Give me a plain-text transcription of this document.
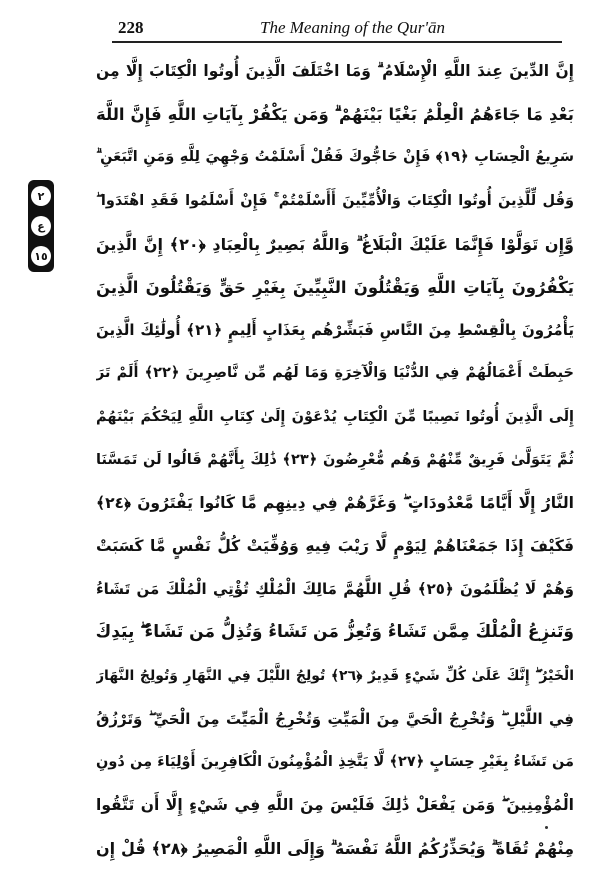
228	The Meaning of the Qur'ān
٢
ع
١٥
إِنَّ الدِّينَ عِندَ اللَّهِ الْإِسْلَامُ ۗ وَمَا اخْتَلَفَ الَّذِينَ أُوتُوا الْكِتَابَ إِلَّا مِن
بَعْدِ مَا جَاءَهُمُ الْعِلْمُ بَغْيًا بَيْنَهُمْ ۗ وَمَن يَكْفُرْ بِآيَاتِ اللَّهِ فَإِنَّ اللَّهَ
سَرِيعُ الْحِسَابِ ﴿١٩﴾ فَإِنْ حَاجُّوكَ فَقُلْ أَسْلَمْتُ وَجْهِيَ لِلَّهِ وَمَنِ اتَّبَعَنِ ۗ
وَقُل لِّلَّذِينَ أُوتُوا الْكِتَابَ وَالْأُمِّيِّينَ أَأَسْلَمْتُمْ ۚ فَإِنْ أَسْلَمُوا فَقَدِ اهْتَدَوا ۖ
وَّإِن تَوَلَّوْا فَإِنَّمَا عَلَيْكَ الْبَلَاغُ ۗ وَاللَّهُ بَصِيرٌ بِالْعِبَادِ ﴿٢٠﴾ إِنَّ الَّذِينَ
يَكْفُرُونَ بِآيَاتِ اللَّهِ وَيَقْتُلُونَ النَّبِيِّينَ بِغَيْرِ حَقٍّ وَيَقْتُلُونَ الَّذِينَ
يَأْمُرُونَ بِالْقِسْطِ مِنَ النَّاسِ فَبَشِّرْهُم بِعَذَابٍ أَلِيمٍ ﴿٢١﴾ أُولَٰئِكَ الَّذِينَ
حَبِطَتْ أَعْمَالُهُمْ فِي الدُّنْيَا وَالْآخِرَةِ وَمَا لَهُم مِّن نَّاصِرِينَ ﴿٢٢﴾ أَلَمْ تَرَ
إِلَى الَّذِينَ أُوتُوا نَصِيبًا مِّنَ الْكِتَابِ يُدْعَوْنَ إِلَىٰ كِتَابِ اللَّهِ لِيَحْكُمَ بَيْنَهُمْ
ثُمَّ يَتَوَلَّىٰ فَرِيقٌ مِّنْهُمْ وَهُم مُّعْرِضُونَ ﴿٢٣﴾ ذَٰلِكَ بِأَنَّهُمْ قَالُوا لَن تَمَسَّنَا
النَّارُ إِلَّا أَيَّامًا مَّعْدُودَاتٍ ۖ وَغَرَّهُمْ فِي دِينِهِم مَّا كَانُوا يَفْتَرُونَ ﴿٢٤﴾
فَكَيْفَ إِذَا جَمَعْنَاهُمْ لِيَوْمٍ لَّا رَيْبَ فِيهِ وَوُفِّيَتْ كُلُّ نَفْسٍ مَّا كَسَبَتْ
وَهُمْ لَا يُظْلَمُونَ ﴿٢٥﴾ قُلِ اللَّهُمَّ مَالِكَ الْمُلْكِ تُؤْتِي الْمُلْكَ مَن تَشَاءُ
وَتَنزِعُ الْمُلْكَ مِمَّن تَشَاءُ وَتُعِزُّ مَن تَشَاءُ وَتُذِلُّ مَن تَشَاءُ ۖ بِيَدِكَ
الْخَيْرُ ۖ إِنَّكَ عَلَىٰ كُلِّ شَيْءٍ قَدِيرٌ ﴿٢٦﴾ تُولِجُ اللَّيْلَ فِي النَّهَارِ وَتُولِجُ النَّهَارَ
فِي اللَّيْلِ ۖ وَتُخْرِجُ الْحَيَّ مِنَ الْمَيِّتِ وَتُخْرِجُ الْمَيِّتَ مِنَ الْحَيِّ ۖ وَتَرْزُقُ
مَن تَشَاءُ بِغَيْرِ حِسَابٍ ﴿٢٧﴾ لَّا يَتَّخِذِ الْمُؤْمِنُونَ الْكَافِرِينَ أَوْلِيَاءَ مِن دُونِ
الْمُؤْمِنِينَ ۖ وَمَن يَفْعَلْ ذَٰلِكَ فَلَيْسَ مِنَ اللَّهِ فِي شَيْءٍ إِلَّا أَن تَتَّقُوا
مِنْهُمْ تُقَاةً ۗ وَيُحَذِّرُكُمُ اللَّهُ نَفْسَهُ ۗ وَإِلَى اللَّهِ الْمَصِيرُ ﴿٢٨﴾ قُلْ إِن
